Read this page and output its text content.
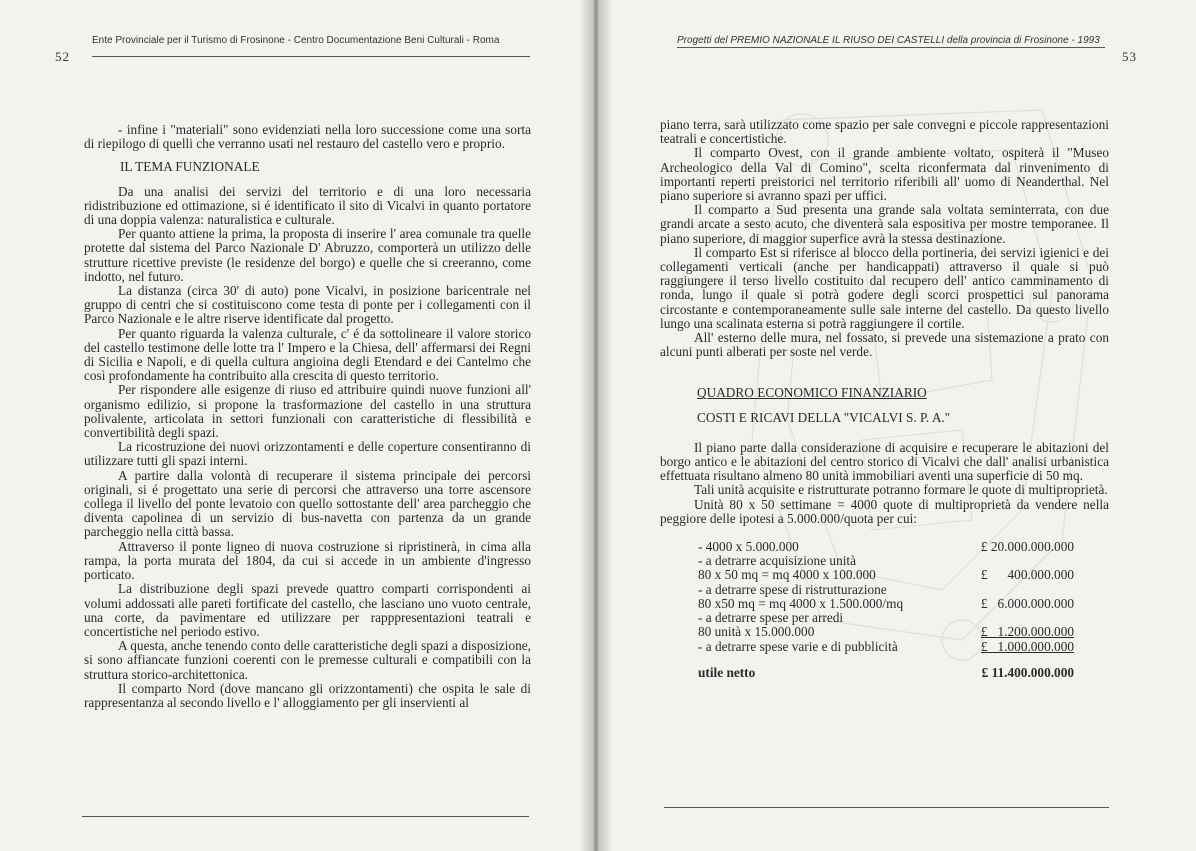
Ente Provinciale per il Turismo di Frosinone - Centro Documentazione Beni Culturali - Roma
52

- infine i "materiali" sono evidenziati nella loro successione come una sorta di riepilogo di quelli che verranno usati nel restauro del castello vero e proprio.

IL TEMA FUNZIONALE

Da una analisi dei servizi del territorio e di una loro necessaria ridistribuzione ed ottimazione, si é identificato il sito di Vicalvi in quanto portatore di una doppia valenza: naturalistica e culturale.

Per quanto attiene la prima, la proposta di inserire l' area comunale tra quelle protette dal sistema del Parco Nazionale D' Abruzzo, comporterà un utilizzo delle strutture ricettive previste (le residenze del borgo) e quelle che si creeranno, come indotto, nel futuro.

La distanza (circa 30' di auto) pone Vicalvi, in posizione baricentrale nel gruppo di centri che si costituiscono come testa di ponte per i collegamenti con il Parco Nazionale e le altre riserve identificate dal progetto.

Per quanto riguarda la valenza culturale, c' é da sottolineare il valore storico del castello testimone delle lotte tra l' Impero e la Chiesa, dell' affermarsi dei Regni di Sicilia e Napoli, e di quella cultura angioina degli Etendard e dei Cantelmo che così profondamente ha contribuito alla crescita di questo territorio.

Per rispondere alle esigenze di riuso ed attribuire quindi nuove funzioni all' organismo edilizio, si propone la trasformazione del castello in una struttura polivalente, articolata in settori funzionali con caratteristiche di flessibilità e convertibilità degli spazi.

La ricostruzione dei nuovi orizzontamenti e delle coperture consentiranno di utilizzare tutti gli spazi interni.

A partire dalla volontà di recuperare il sistema principale dei percorsi originali, si é progettato una serie di percorsi che attraverso una torre ascensore collega il livello del ponte levatoio con quello sottostante dell' area parcheggio che diventa capolinea di un servizio di bus-navetta con partenza da un grande parcheggio nella città bassa.

Attraverso il ponte ligneo di nuova costruzione si ripristinerà, in cima alla rampa, la porta murata del 1804, da cui si accede in un ambiente d'ingresso porticato.

La distribuzione degli spazi prevede quattro comparti corrispondenti ai volumi addossati alle pareti fortificate del castello, che lasciano uno vuoto centrale, una corte, da pavimentare ed utilizzare per rapppresentazioni teatrali e concertistiche nel periodo estivo.

A questa, anche tenendo conto delle caratteristiche degli spazi a disposizione, si sono affiancate funzioni coerenti con le premesse culturali e compatibili con la struttura storico-architettonica.

Il comparto Nord (dove mancano gli orizzontamenti) che ospita le sale di rappresentanza al secondo livello e l' alloggiamento per gli inservienti al

Progetti del PREMIO NAZIONALE IL RIUSO DEI CASTELLI della provincia di Frosinone - 1993
53

piano terra, sarà utilizzato come spazio per sale convegni e piccole rappresentazioni teatrali e concertistiche.

Il comparto Ovest, con il grande ambiente voltato, ospiterà il "Museo Archeologico della Val di Comino", scelta riconfermata dal rinvenimento di importanti reperti preistorici nel territorio riferibili all' uomo di Neanderthal. Nel piano superiore si avranno spazi per uffici.

Il comparto a Sud presenta una grande sala voltata seminterrata, con due grandi arcate a sesto acuto, che diventerà sala espositiva per mostre temporanee. Il piano superiore, di maggior superfice avrà la stessa destinazione.

Il comparto Est si riferisce al blocco della portineria, dei servizi igienici e dei collegamenti verticali (anche per handicappati) attraverso il quale si può raggiungere il terso livello costituito dal recupero dell' antico camminamento di ronda, lungo il quale si potrà godere degli scorci prospettici sul panorama circostante e contemporaneamente sulle sale interne del castello. Da questo livello lungo una scalinata esterna si potrà raggiungere il cortile.

All' esterno delle mura, nel fossato, si prevede una sistemazione a prato con alcuni punti alberati per soste nel verde.

QUADRO ECONOMICO FINANZIARIO

COSTI E RICAVI DELLA "VICALVI S. P. A."

Il piano parte dalla considerazione di acquisire e recuperare le abitazioni del borgo antico e le abitazioni del centro storico di Vicalvi che dall' analisi urbanistica effettuata risultano almeno 80 unità immobiliari aventi una superficie di 50 mq.

Tali unità acquisite e ristrutturate potranno formare le quote di multiproprietà.

Unità 80 x 50 settimane = 4000 quote di multiproprietà da vendere nella peggiore delle ipotesi a 5.000.000/quota per cui:

- 4000 x 5.000.000	£ 20.000.000.000
- a detrarre acquisizione unità
80 x 50 mq = mq 4000 x 100.000	£      400.000.000
- a detrarre spese di ristrutturazione
80 x50 mq = mq 4000 x 1.500.000/mq	£   6.000.000.000
- a detrarre spese per arredi
80 unità x 15.000.000	£   1.200.000.000
- a detrarre spese varie e di pubblicità	£   1.000.000.000
utile netto	£ 11.400.000.000
